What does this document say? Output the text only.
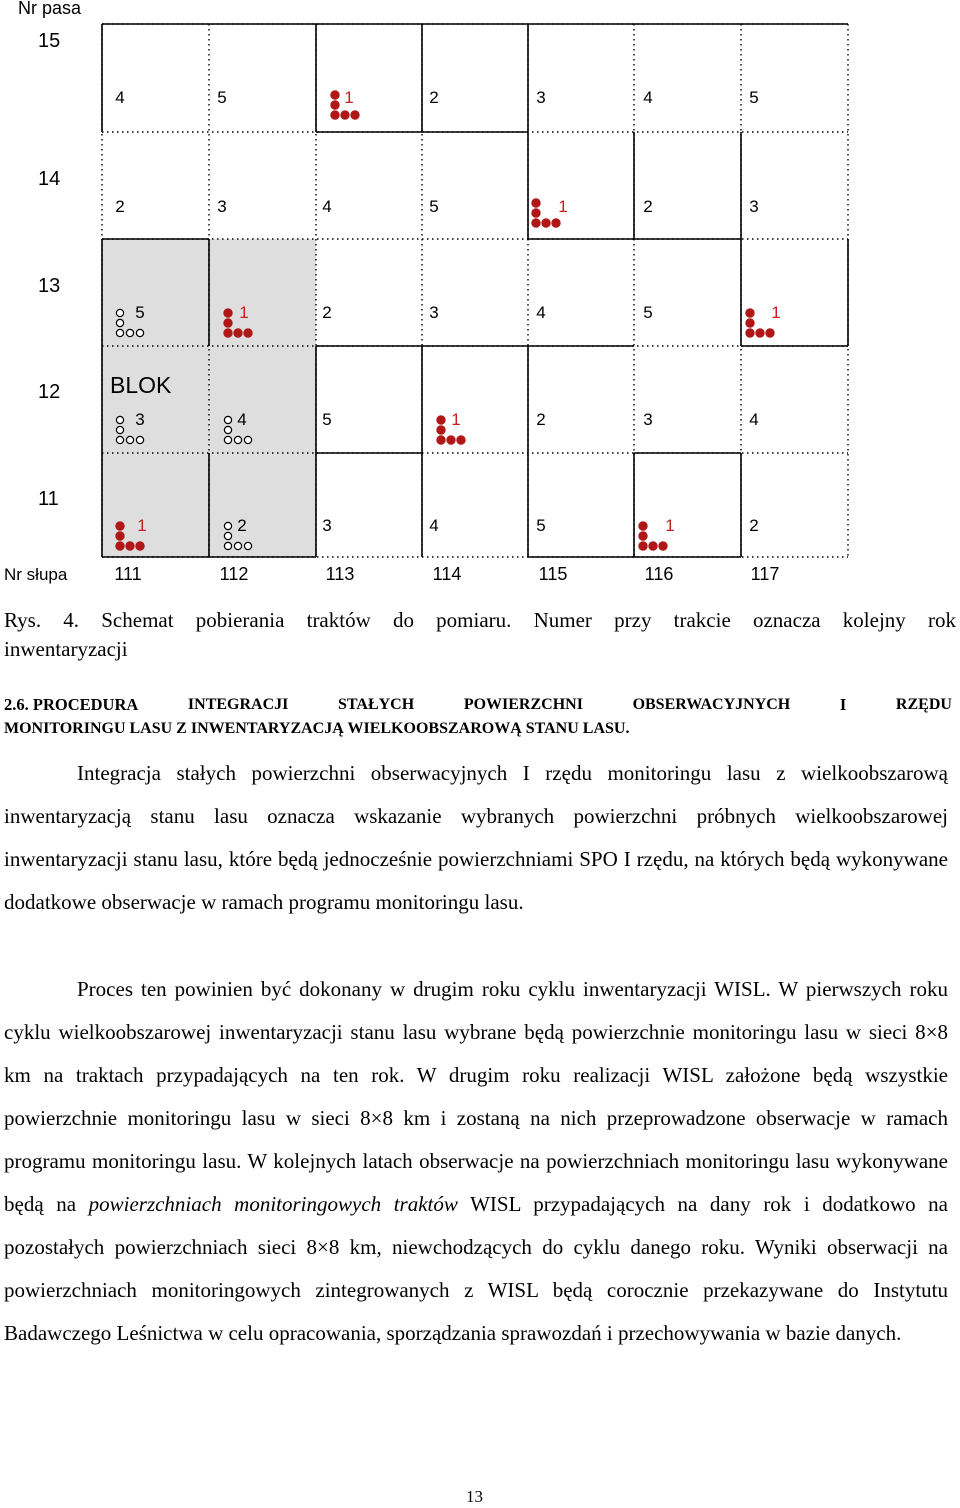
Nr pasa
15
14
13
12
11
Nr słupa	111	112	113	114	115	116	117
4	5	1	2	3	4	5
2	3	4	5	1	2	3
5	1	2	3	4	5	1
3	4	5	1	2	3	4
1	2	3	4	5	1	2
BLOK
Rys. 4. Schemat pobierania traktów do pomiaru. Numer przy trakcie oznacza kolejny rok
inwentaryzacji
2.6. PROCEDURA	INTEGRACJI	STAŁYCH	POWIERZCHNI	OBSERWACYJNYCH	I	RZĘDU
MONITORINGU LASU Z INWENTARYZACJĄ WIELKOOBSZAROWĄ STANU LASU.
Integracja stałych powierzchni obserwacyjnych I rzędu monitoringu lasu z wielkoobszarową inwentaryzacją stanu lasu oznacza wskazanie wybranych powierzchni próbnych wielkoobszarowej inwentaryzacji stanu lasu, które będą jednocześnie powierzchniami SPO I rzędu, na których będą wykonywane dodatkowe obserwacje w ramach programu monitoringu lasu.
Proces ten powinien być dokonany w drugim roku cyklu inwentaryzacji WISL. W pierwszych roku cyklu wielkoobszarowej inwentaryzacji stanu lasu wybrane będą powierzchnie monitoringu lasu w sieci 8×8 km na traktach przypadających na ten rok. W drugim roku realizacji WISL założone będą wszystkie powierzchnie monitoringu lasu w sieci 8×8 km i zostaną na nich przeprowadzone obserwacje w ramach programu monitoringu lasu. W kolejnych latach obserwacje na powierzchniach monitoringu lasu wykonywane będą na powierzchniach monitoringowych traktów WISL przypadających na dany rok i dodatkowo na pozostałych powierzchniach sieci 8×8 km, niewchodzących do cyklu danego roku. Wyniki obserwacji na powierzchniach monitoringowych zintegrowanych z WISL będą corocznie przekazywane do Instytutu Badawczego Leśnictwa w celu opracowania, sporządzania sprawozdań i przechowywania w bazie danych.
13
